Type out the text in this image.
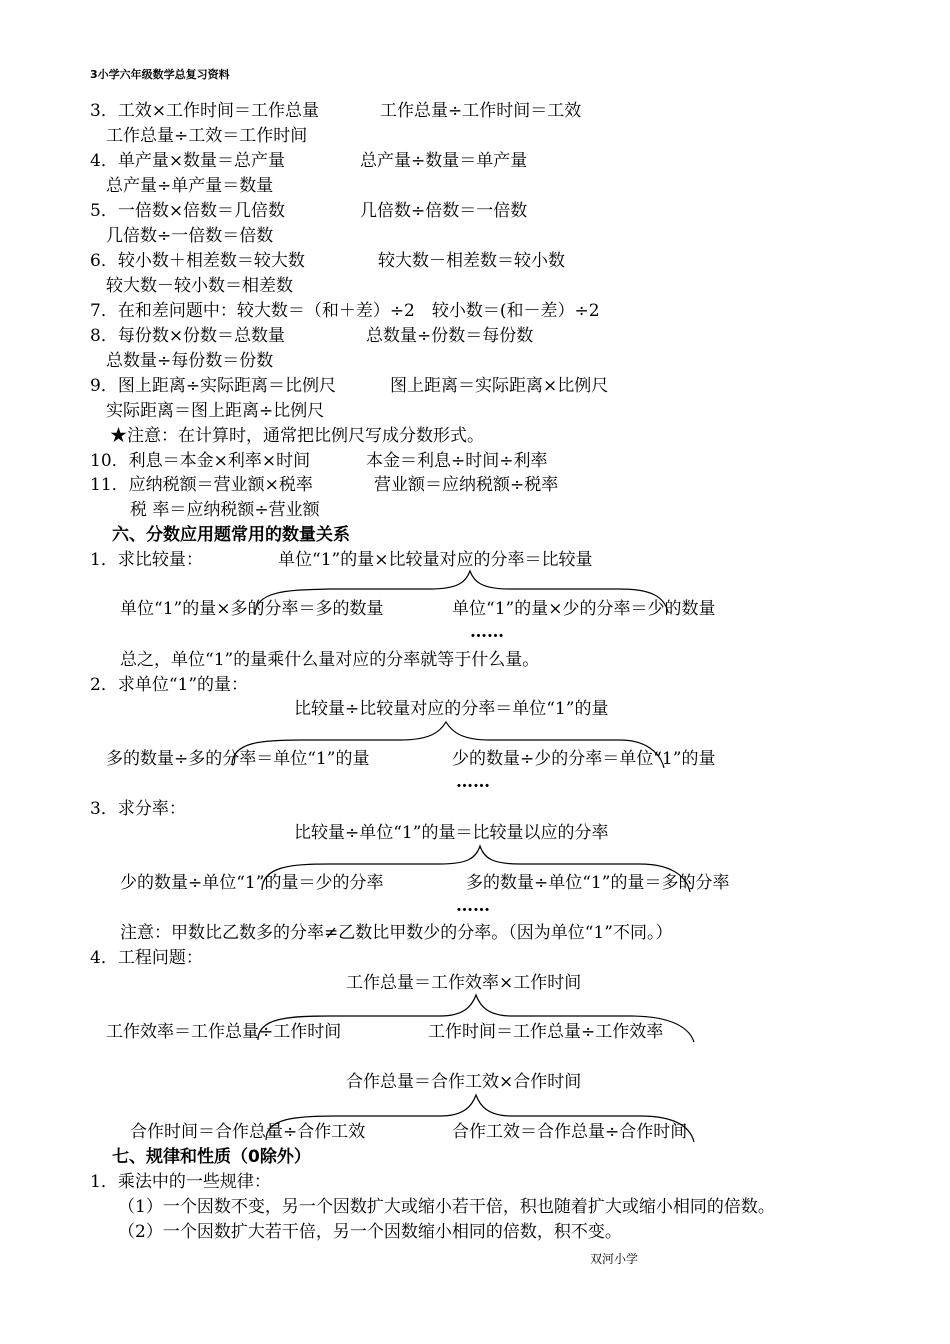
3小学六年级数学总复习资料
3．工效×工作时间＝工作总量	工作总量÷工作时间＝工效
工作总量÷工效＝工作时间
4．单产量×数量＝总产量	总产量÷数量＝单产量
总产量÷单产量＝数量
5．一倍数×倍数＝几倍数	几倍数÷倍数＝一倍数
几倍数÷一倍数＝倍数
6．较小数＋相差数＝较大数	较大数－相差数＝较小数
较大数－较小数＝相差数
7．在和差问题中：较大数＝（和＋差）÷2　较小数＝(和－差）÷2
8．每份数×份数＝总数量	总数量÷份数＝每份数
总数量÷每份数＝份数
9．图上距离÷实际距离＝比例尺	图上距离＝实际距离×比例尺
实际距离＝图上距离÷比例尺
★注意：在计算时，通常把比例尺写成分数形式。
10．利息＝本金×利率×时间	本金＝利息÷时间÷利率
11．应纳税额＝营业额×税率	营业额＝应纳税额÷税率
税 率＝应纳税额÷营业额
六、分数应用题常用的数量关系
1．求比较量：	单位“1”的量×比较量对应的分率＝比较量
单位“1”的量×多的分率＝多的数量	单位“1”的量×少的分率＝少的数量
……
总之，单位“1”的量乘什么量对应的分率就等于什么量。
2．求单位“1”的量：
比较量÷比较量对应的分率＝单位“1”的量
多的数量÷多的分率＝单位“1”的量	少的数量÷少的分率＝单位“1”的量
……
3．求分率：
比较量÷单位“1”的量＝比较量以应的分率
少的数量÷单位“1”的量＝少的分率	多的数量÷单位“1”的量＝多的分率
……
注意：甲数比乙数多的分率≠乙数比甲数少的分率。（因为单位“1”不同。）
4．工程问题：
工作总量＝工作效率×工作时间
工作效率＝工作总量÷工作时间	工作时间＝工作总量÷工作效率
合作总量＝合作工效×合作时间
合作时间＝合作总量÷合作工效	合作工效＝合作总量÷合作时间
七、规律和性质（0除外）
1．乘法中的一些规律：
（1）一个因数不变，另一个因数扩大或缩小若干倍，积也随着扩大或缩小相同的倍数。
（2）一个因数扩大若干倍，另一个因数缩小相同的倍数，积不变。
双河小学
